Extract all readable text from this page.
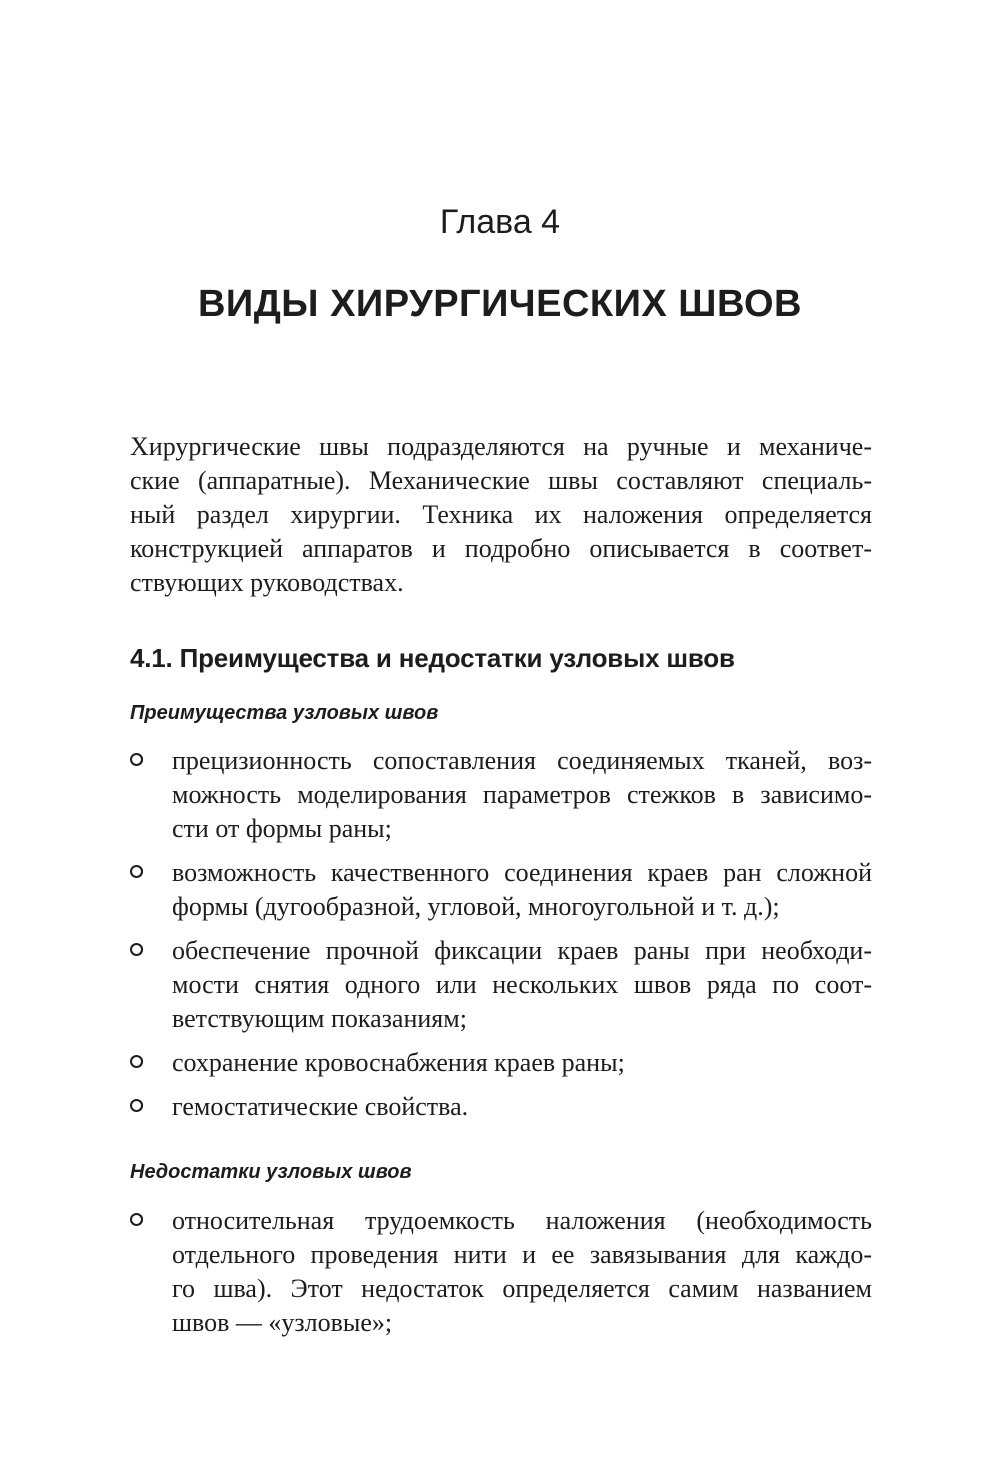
Глава 4
ВИДЫ ХИРУРГИЧЕСКИХ ШВОВ
Хирургические швы подразделяются на ручные и механиче-
ские (аппаратные). Механические швы составляют специаль-
ный раздел хирургии. Техника их наложения определяется
конструкцией аппаратов и подробно описывается в соответ-
ствующих руководствах.
4.1. Преимущества и недостатки узловых швов
Преимущества узловых швов
прецизионность сопоставления соединяемых тканей, воз-
можность моделирования параметров стежков в зависимо-
сти от формы раны;
возможность качественного соединения краев ран сложной
формы (дугообразной, угловой, многоугольной и т. д.);
обеспечение прочной фиксации краев раны при необходи-
мости снятия одного или нескольких швов ряда по соот-
ветствующим показаниям;
сохранение кровоснабжения краев раны;
гемостатические свойства.
Недостатки узловых швов
относительная трудоемкость наложения (необходимость
отдельного проведения нити и ее завязывания для каждо-
го шва). Этот недостаток определяется самим названием
швов — «узловые»;
